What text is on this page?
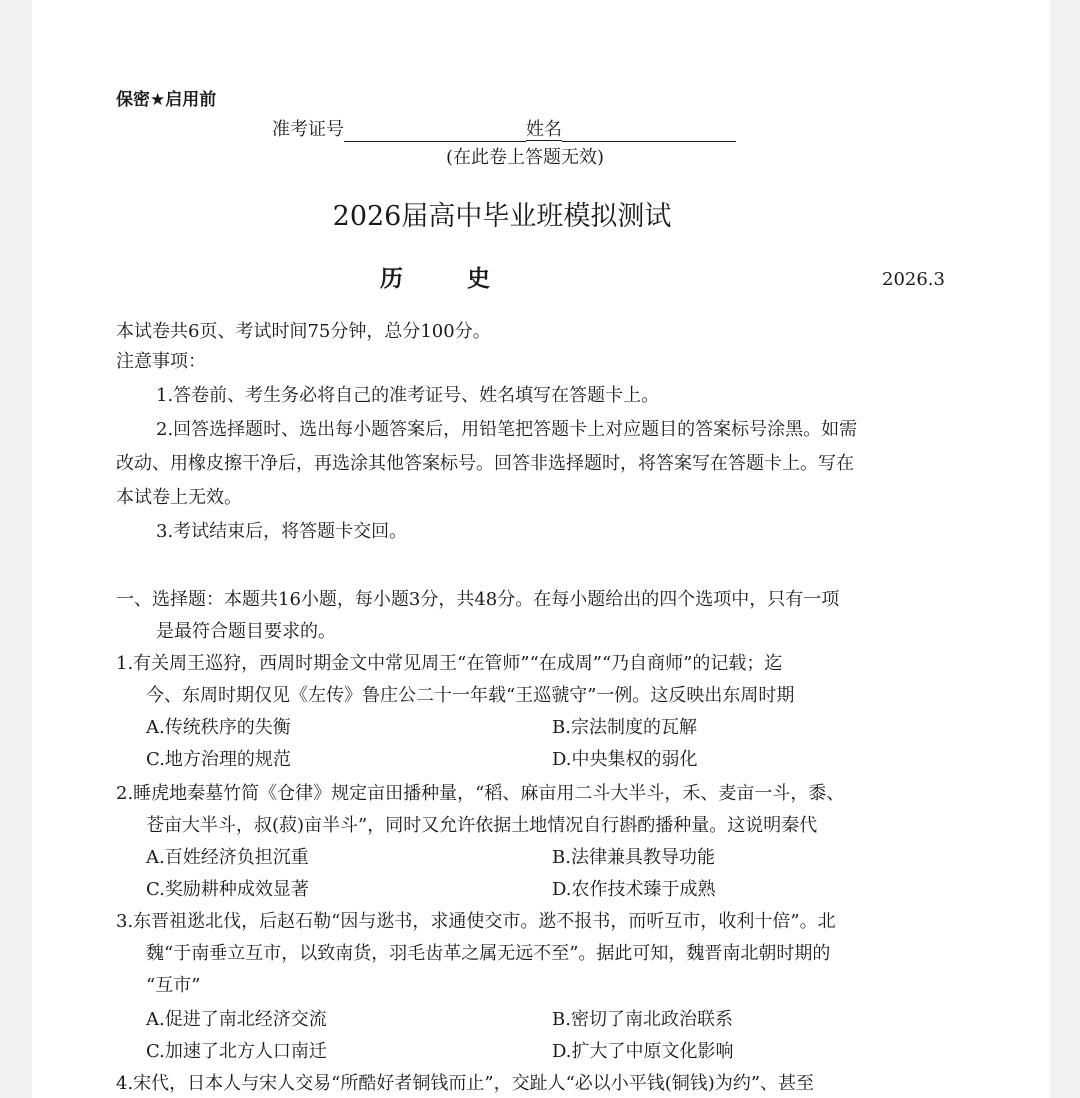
保密★启用前
准考证号	姓名
(在此卷上答题无效)
2026届高中毕业班模拟测试
历史	2026.3
本试卷共6页、考试时间75分钟，总分100分。
注意事项：
1.答卷前、考生务必将自己的准考证号、姓名填写在答题卡上。
2.回答选择题时、选出每小题答案后，用铅笔把答题卡上对应题目的答案标号涂黑。如需
改动、用橡皮擦干净后，再选涂其他答案标号。回答非选择题时，将答案写在答题卡上。写在
本试卷上无效。
3.考试结束后，将答题卡交回。
一、选择题：本题共16小题，每小题3分，共48分。在每小题给出的四个选项中，只有一项
是最符合题目要求的。
1.有关周王巡狩，西周时期金文中常见周王“在管师”“在成周”“乃自商师”的记载；迄
今、东周时期仅见《左传》鲁庄公二十一年载“王巡虢守”一例。这反映出东周时期
A.传统秩序的失衡	B.宗法制度的瓦解
C.地方治理的规范	D.中央集权的弱化
2.睡虎地秦墓竹简《仓律》规定亩田播种量，“稻、麻亩用二斗大半斗，禾、麦亩一斗，黍、
苍亩大半斗，叔(菽)亩半斗”，同时又允许依据土地情况自行斟酌播种量。这说明秦代
A.百姓经济负担沉重	B.法律兼具教导功能
C.奖励耕种成效显著	D.农作技术臻于成熟
3.东晋祖逖北伐，后赵石勒“因与逖书，求通使交市。逖不报书，而听互市，收利十倍”。北
魏“于南垂立互市，以致南货，羽毛齿革之属无远不至”。据此可知，魏晋南北朝时期的
“互市”
A.促进了南北经济交流	B.密切了南北政治联系
C.加速了北方人口南迁	D.扩大了中原文化影响
4.宋代，日本人与宋人交易“所酷好者铜钱而止”，交趾人“必以小平钱(铜钱)为约”、甚至
